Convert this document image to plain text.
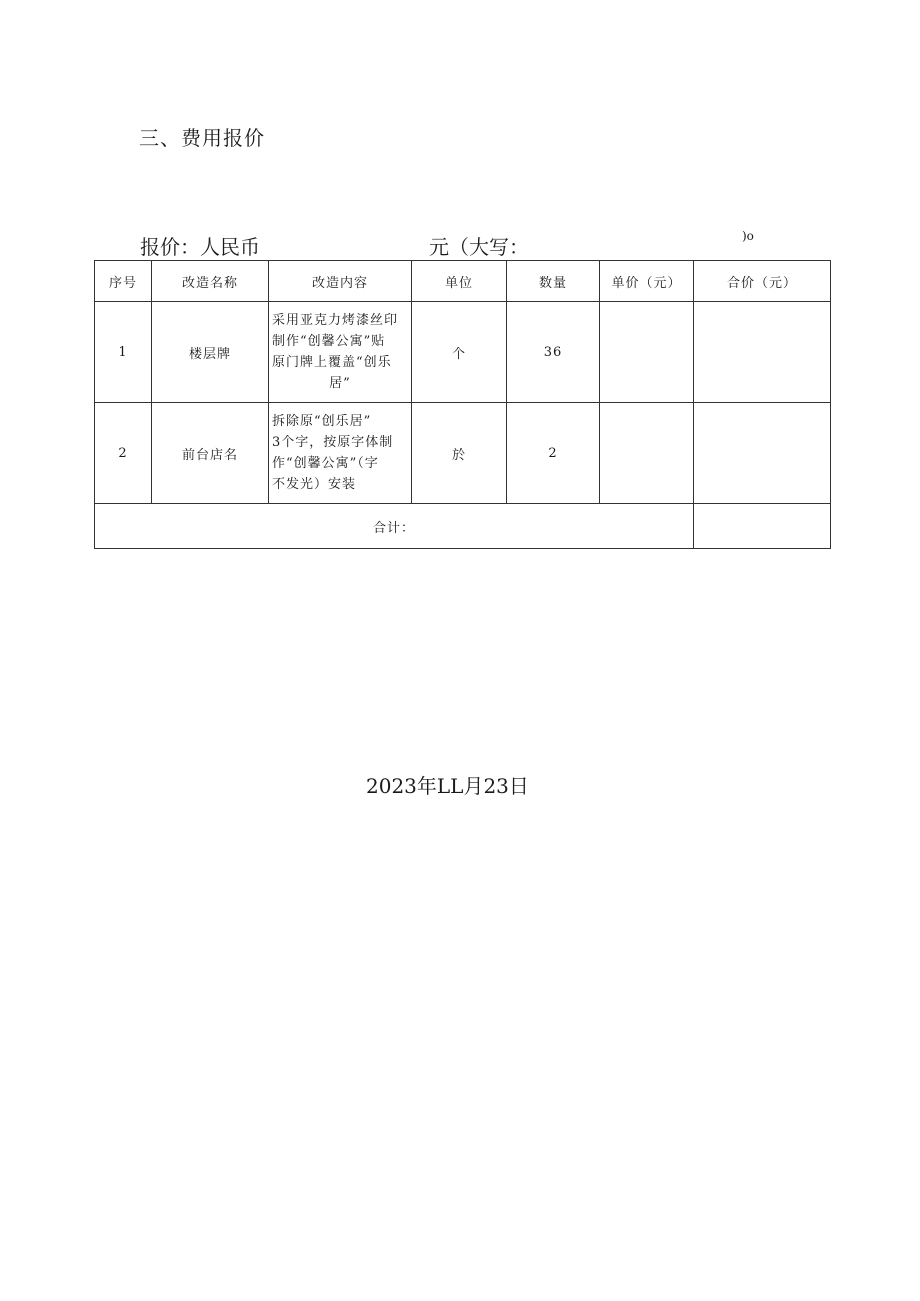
三、费用报价
报价：人民币	元（大写：	)o
序号	改造名称	改造内容	单位	数量	单价（元）	合价（元）
1	楼层牌	采用亚克力烤漆丝印
制作“创馨公寓”贴
原门牌上覆盖“创乐
居”	个	36		
2	前台店名	拆除原“创乐居”
3个字，按原字体制
作“创馨公寓”（字
不发光）安装	於	2		
合计：						
2023年LL月23日
